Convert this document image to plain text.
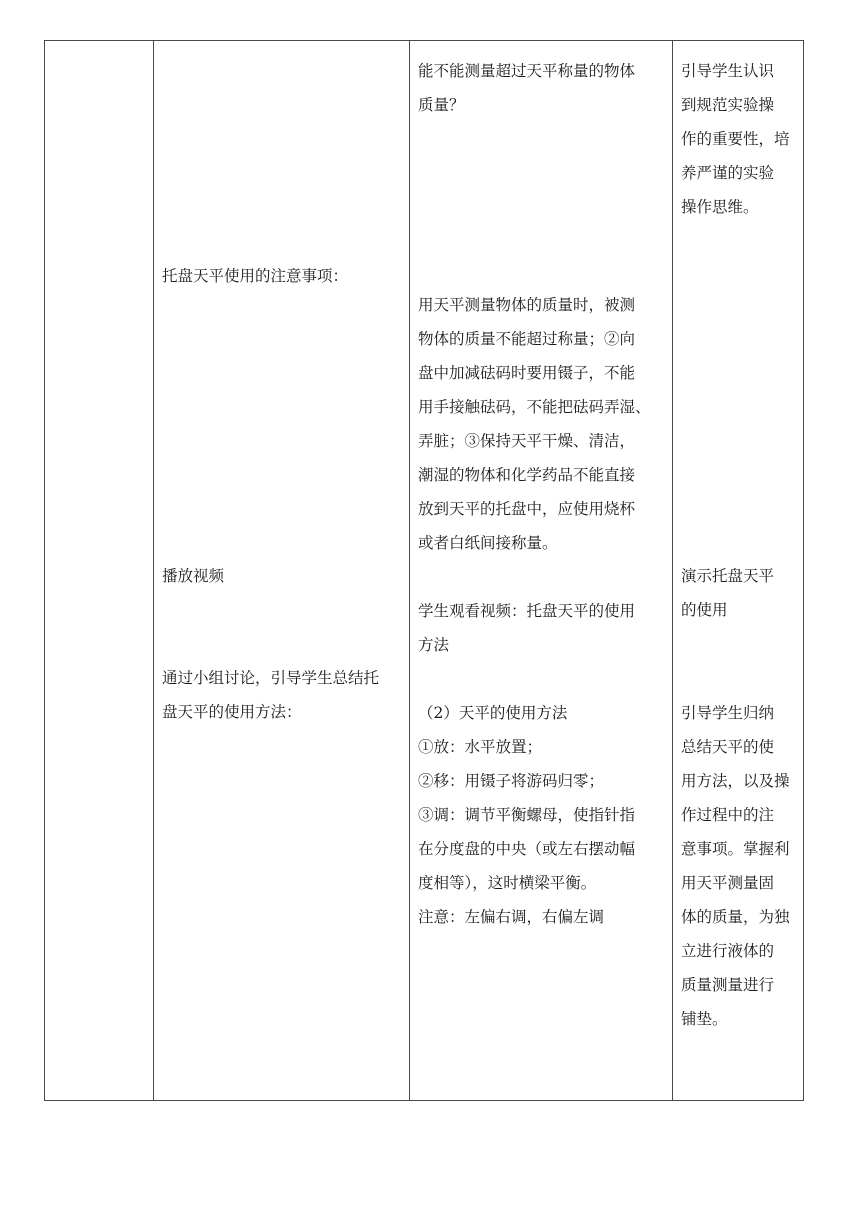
托盘天平使用的注意事项：
播放视频
通过小组讨论，引导学生总结托
盘天平的使用方法：
能不能测量超过天平称量的物体
质量？
用天平测量物体的质量时，被测
物体的质量不能超过称量；②向
盘中加减砝码时要用镊子，不能
用手接触砝码，不能把砝码弄湿、
弄脏；③保持天平干燥、清洁，
潮湿的物体和化学药品不能直接
放到天平的托盘中，应使用烧杯
或者白纸间接称量。
学生观看视频：托盘天平的使用
方法
（2）天平的使用方法
①放：水平放置；
②移：用镊子将游码归零；
③调：调节平衡螺母，使指针指
在分度盘的中央（或左右摆动幅
度相等），这时横梁平衡。
注意：左偏右调，右偏左调
引导学生认识
到规范实验操
作的重要性，培
养严谨的实验
操作思维。
演示托盘天平
的使用
引导学生归纳
总结天平的使
用方法，以及操
作过程中的注
意事项。掌握利
用天平测量固
体的质量，为独
立进行液体的
质量测量进行
铺垫。
